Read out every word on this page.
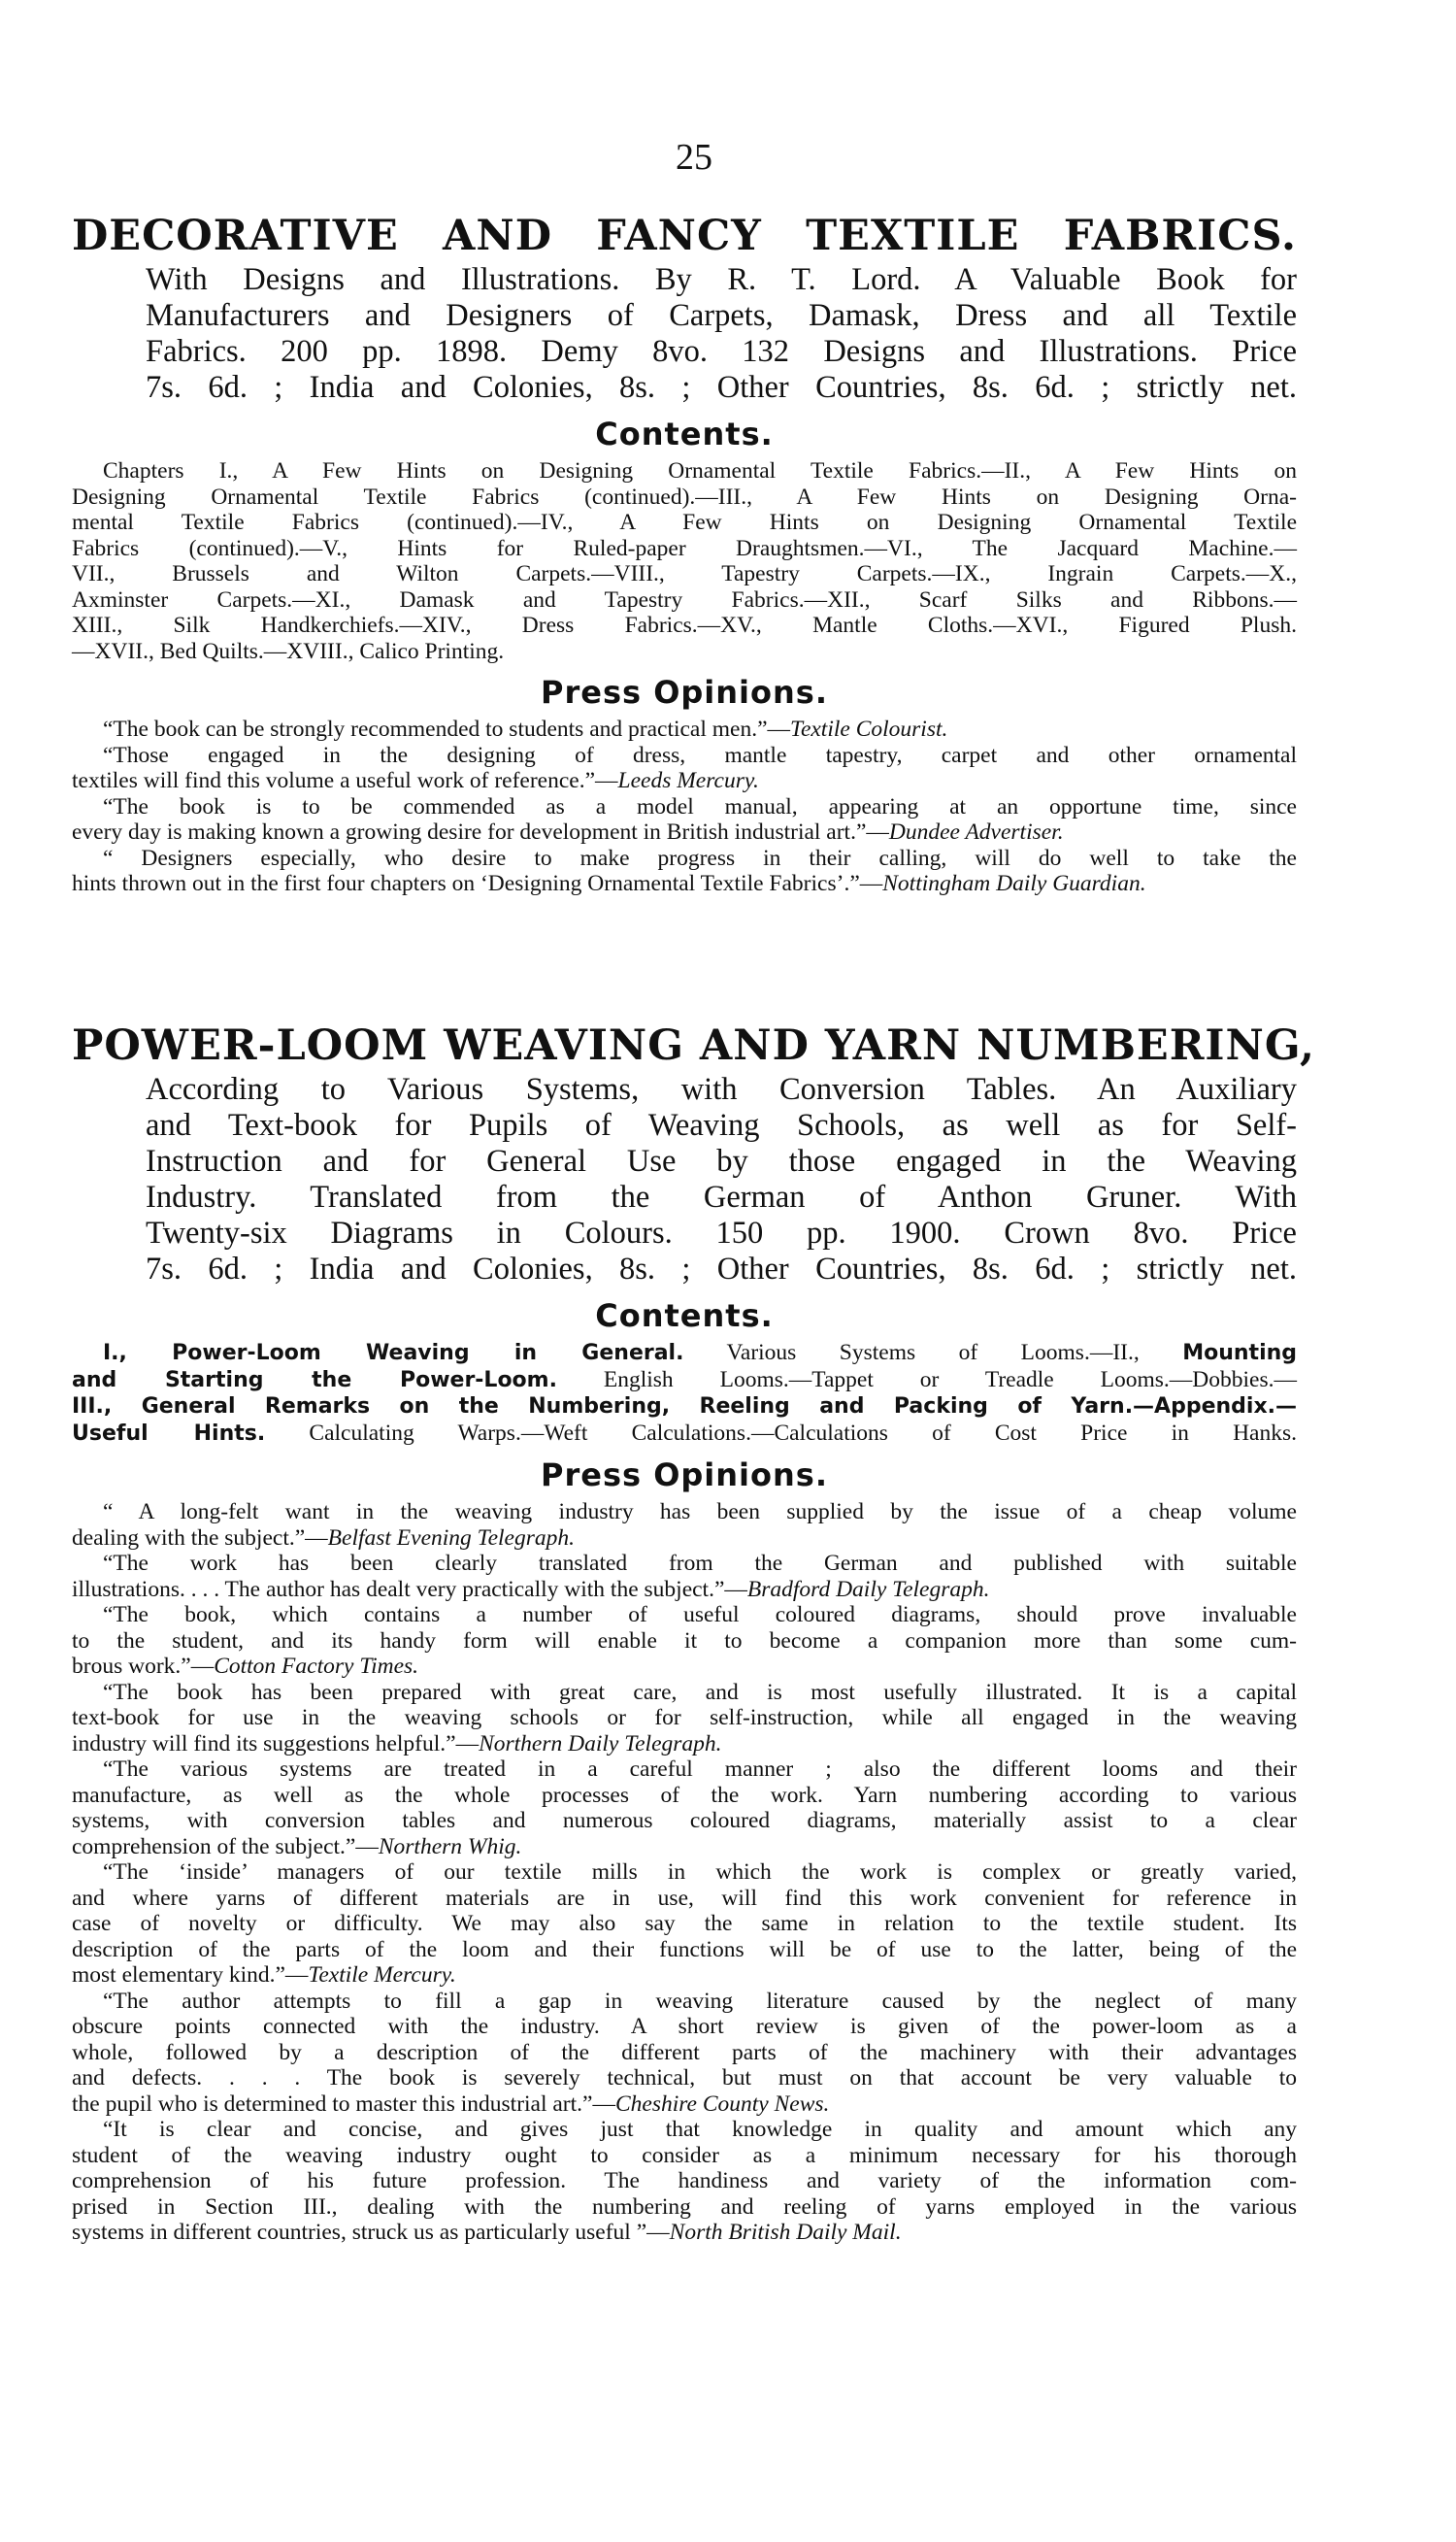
25
DECORATIVE AND FANCY TEXTILE FABRICS.
With Designs and Illustrations. By R. T. Lord. A Valuable Book for
Manufacturers and Designers of Carpets, Damask, Dress and all Textile
Fabrics. 200 pp. 1898. Demy 8vo. 132 Designs and Illustrations. Price
7s. 6d. ; India and Colonies, 8s. ; Other Countries, 8s. 6d. ; strictly net.
Contents.
Chapters I., A Few Hints on Designing Ornamental Textile Fabrics.—II., A Few Hints on
Designing Ornamental Textile Fabrics (continued).—III., A Few Hints on Designing Orna-
mental Textile Fabrics (continued).—IV., A Few Hints on Designing Ornamental Textile
Fabrics (continued).—V., Hints for Ruled-paper Draughtsmen.—VI., The Jacquard Machine.—
VII., Brussels and Wilton Carpets.—VIII., Tapestry Carpets.—IX., Ingrain Carpets.—X.,
Axminster Carpets.—XI., Damask and Tapestry Fabrics.—XII., Scarf Silks and Ribbons.—
XIII., Silk Handkerchiefs.—XIV., Dress Fabrics.—XV., Mantle Cloths.—XVI., Figured Plush.
—XVII., Bed Quilts.—XVIII., Calico Printing.
Press Opinions.
“The book can be strongly recommended to students and practical men.”—Textile Colourist.
“Those engaged in the designing of dress, mantle tapestry, carpet and other ornamental
textiles will find this volume a useful work of reference.”—Leeds Mercury.
“The book is to be commended as a model manual, appearing at an opportune time, since
every day is making known a growing desire for development in British industrial art.”—Dundee Advertiser.
“ Designers especially, who desire to make progress in their calling, will do well to take the
hints thrown out in the first four chapters on ‘Designing Ornamental Textile Fabrics’.”—Nottingham Daily Guardian.
POWER-LOOM WEAVING AND YARN NUMBERING,
According to Various Systems, with Conversion Tables. An Auxiliary
and Text-book for Pupils of Weaving Schools, as well as for Self-
Instruction and for General Use by those engaged in the Weaving
Industry. Translated from the German of Anthon Gruner. With
Twenty-six Diagrams in Colours. 150 pp. 1900. Crown 8vo. Price
7s. 6d. ; India and Colonies, 8s. ; Other Countries, 8s. 6d. ; strictly net.
Contents.
I., Power-Loom Weaving in General. Various Systems of Looms.—II., Mounting
and Starting the Power-Loom. English Looms.—Tappet or Treadle Looms.—Dobbies.—
III., General Remarks on the Numbering, Reeling and Packing of Yarn.—Appendix.—
Useful Hints. Calculating Warps.—Weft Calculations.—Calculations of Cost Price in Hanks.
Press Opinions.
“ A long-felt want in the weaving industry has been supplied by the issue of a cheap volume
dealing with the subject.”—Belfast Evening Telegraph.
“The work has been clearly translated from the German and published with suitable
illustrations. . . . The author has dealt very practically with the subject.”—Bradford Daily Telegraph.
“The book, which contains a number of useful coloured diagrams, should prove invaluable
to the student, and its handy form will enable it to become a companion more than some cum-
brous work.”—Cotton Factory Times.
“The book has been prepared with great care, and is most usefully illustrated. It is a capital
text-book for use in the weaving schools or for self-instruction, while all engaged in the weaving
industry will find its suggestions helpful.”—Northern Daily Telegraph.
“The various systems are treated in a careful manner ; also the different looms and their
manufacture, as well as the whole processes of the work. Yarn numbering according to various
systems, with conversion tables and numerous coloured diagrams, materially assist to a clear
comprehension of the subject.”—Northern Whig.
“The ‘inside’ managers of our textile mills in which the work is complex or greatly varied,
and where yarns of different materials are in use, will find this work convenient for reference in
case of novelty or difficulty. We may also say the same in relation to the textile student. Its
description of the parts of the loom and their functions will be of use to the latter, being of the
most elementary kind.”—Textile Mercury.
“The author attempts to fill a gap in weaving literature caused by the neglect of many
obscure points connected with the industry. A short review is given of the power-loom as a
whole, followed by a description of the different parts of the machinery with their advantages
and defects. . . . The book is severely technical, but must on that account be very valuable to
the pupil who is determined to master this industrial art.”—Cheshire County News.
“It is clear and concise, and gives just that knowledge in quality and amount which any
student of the weaving industry ought to consider as a minimum necessary for his thorough
comprehension of his future profession. The handiness and variety of the information com-
prised in Section III., dealing with the numbering and reeling of yarns employed in the various
systems in different countries, struck us as particularly useful ”—North British Daily Mail.
